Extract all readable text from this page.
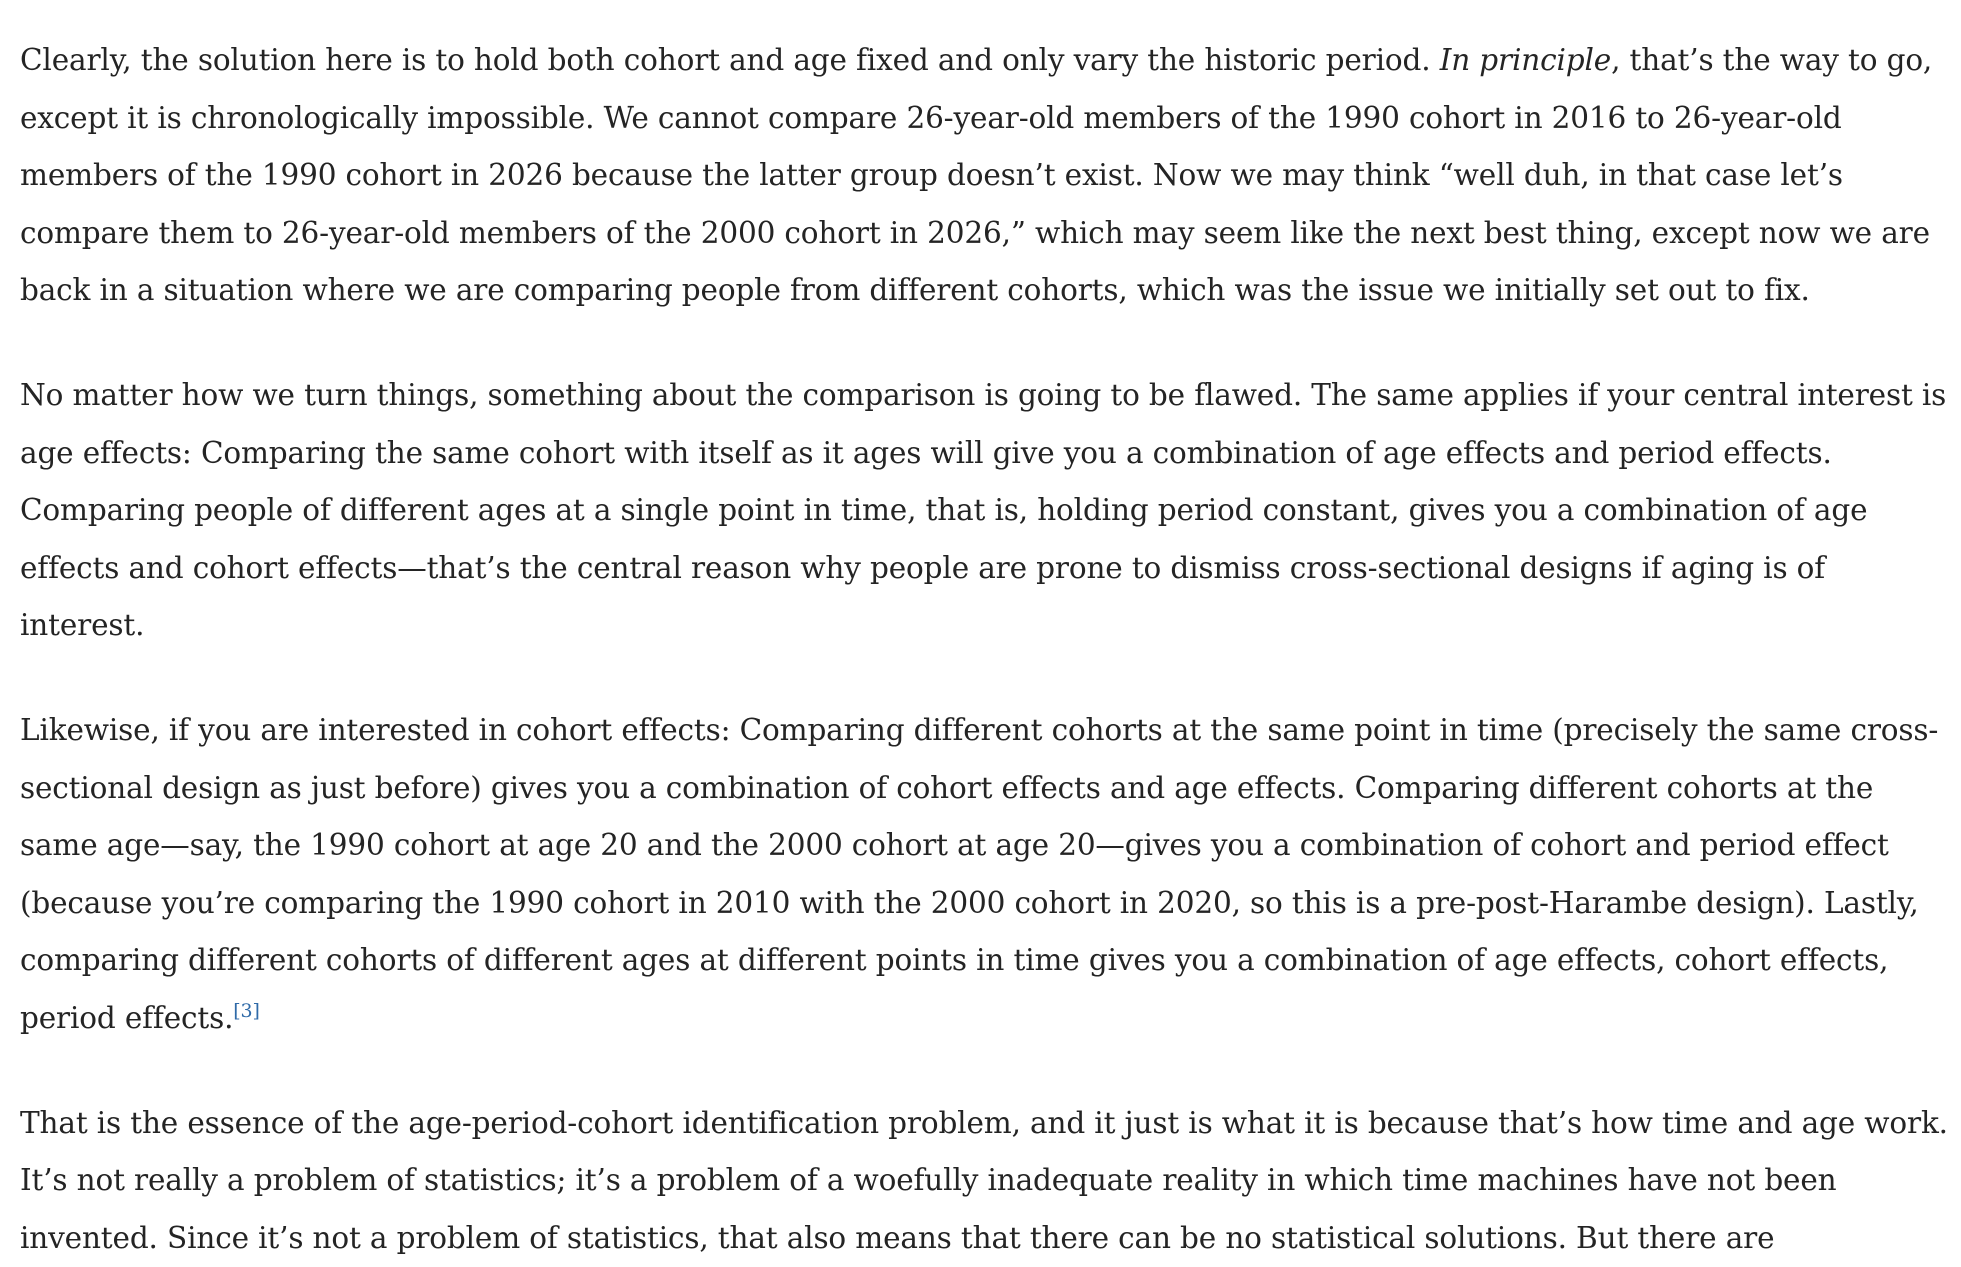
Clearly, the solution here is to hold both cohort and age fixed and only vary the historic period. In principle, that’s the way to go, except it is chronologically impossible. We cannot compare 26-year-old members of the 1990 cohort in 2016 to 26-year-old members of the 1990 cohort in 2026 because the latter group doesn’t exist. Now we may think “well duh, in that case let’s compare them to 26-year-old members of the 2000 cohort in 2026,” which may seem like the next best thing, except now we are back in a situation where we are comparing people from different cohorts, which was the issue we initially set out to fix.

No matter how we turn things, something about the comparison is going to be flawed. The same applies if your central interest is age effects: Comparing the same cohort with itself as it ages will give you a combination of age effects and period effects. Comparing people of different ages at a single point in time, that is, holding period constant, gives you a combination of age effects and cohort effects—that’s the central reason why people are prone to dismiss cross-sectional designs if aging is of interest.

Likewise, if you are interested in cohort effects: Comparing different cohorts at the same point in time (precisely the same cross-sectional design as just before) gives you a combination of cohort effects and age effects. Comparing different cohorts at the same age—say, the 1990 cohort at age 20 and the 2000 cohort at age 20—gives you a combination of cohort and period effect (because you’re comparing the 1990 cohort in 2010 with the 2000 cohort in 2020, so this is a pre-post-Harambe design). Lastly, comparing different cohorts of different ages at different points in time gives you a combination of age effects, cohort effects, period effects.[3]

That is the essence of the age-period-cohort identification problem, and it just is what it is because that’s how time and age work. It’s not really a problem of statistics; it’s a problem of a woefully inadequate reality in which time machines have not been invented. Since it’s not a problem of statistics, that also means that there can be no statistical solutions. But there are
